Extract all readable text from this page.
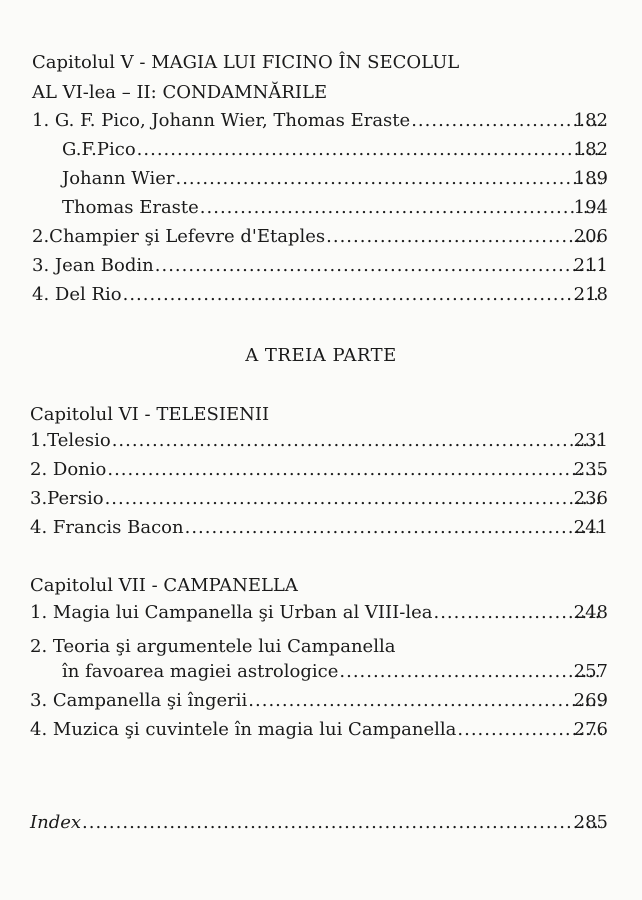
Capitolul V - MAGIA LUI FICINO ÎN SECOLUL
AL VI-lea – II: CONDAMNĂRILE
1. G. F. Pico, Johann Wier, Thomas Eraste .....	182
G.F.Pico .....	182
Johann Wier .....	189
Thomas Eraste .....	194
2.Champier şi Lefevre d'Etaples .....	206
3. Jean Bodin .....	211
4. Del Rio .....	218
A TREIA PARTE
Capitolul VI - TELESIENII
1.Telesio .....	231
2. Donio .....	235
3.Persio .....	236
4. Francis Bacon .....	241
Capitolul VII - CAMPANELLA
1. Magia lui Campanella şi Urban al VIII-lea .....	248
2. Teoria şi argumentele lui Campanella
în favoarea magiei astrologice .....	257
3. Campanella şi îngerii .....	269
4. Muzica şi cuvintele în magia lui Campanella .....	276
Index .....	285
